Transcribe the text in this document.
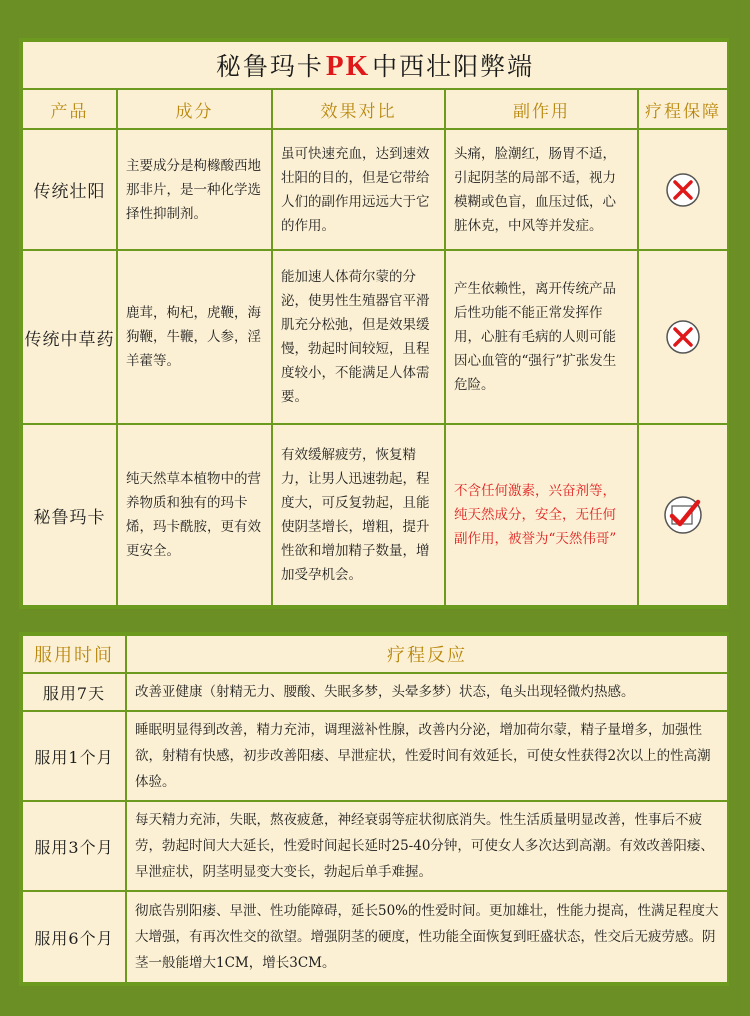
秘鲁玛卡PK中西壮阳弊端				
产品	成分	效果对比	副作用	疗程保障
传统壮阳	主要成分是枸橼酸西地那非片，是一种化学选择性抑制剂。	虽可快速充血，达到速效壮阳的目的，但是它带给人们的副作用远远大于它的作用。	头痛，脸潮红，肠胃不适，引起阴茎的局部不适，视力模糊或色盲，血压过低，心脏休克，中风等并发症。	
传统中草药	鹿茸，枸杞，虎鞭，海狗鞭，牛鞭，人参，淫羊藿等。	能加速人体荷尔蒙的分泌，使男性生殖器官平滑肌充分松弛，但是效果缓慢，勃起时间较短，且程度较小，不能满足人体需要。	产生依赖性，离开传统产品后性功能不能正常发挥作用，心脏有毛病的人则可能因心血管的“强行”扩张发生危险。	
秘鲁玛卡	纯天然草本植物中的营养物质和独有的玛卡烯，玛卡酰胺，更有效更安全。	有效缓解疲劳，恢复精力，让男人迅速勃起，程度大，可反复勃起，且能使阴茎增长，增粗，提升性欲和增加精子数量，增加受孕机会。	不含任何激素，兴奋剂等，纯天然成分，安全，无任何副作用，被誉为“天然伟哥”	
服用时间	疗程反应
服用7天	改善亚健康（射精无力、腰酸、失眠多梦，头晕多梦）状态，龟头出现轻微灼热感。
服用1个月	睡眠明显得到改善，精力充沛，调理滋补性腺，改善内分泌，增加荷尔蒙，精子量增多，加强性欲，射精有快感，初步改善阳痿、早泄症状，性爱时间有效延长，可使女性获得2次以上的性高潮体验。
服用3个月	每天精力充沛，失眠，熬夜疲惫，神经衰弱等症状彻底消失。性生活质量明显改善，性事后不疲劳，勃起时间大大延长，性爱时间起长延时25-40分钟，可使女人多次达到高潮。有效改善阳痿、早泄症状，阴茎明显变大变长，勃起后单手难握。
服用6个月	彻底告别阳痿、早泄、性功能障碍，延长50%的性爱时间。更加雄壮，性能力提高，性满足程度大大增强，有再次性交的欲望。增强阴茎的硬度，性功能全面恢复到旺盛状态，性交后无疲劳感。阴茎一般能增大1CM，增长3CM。
